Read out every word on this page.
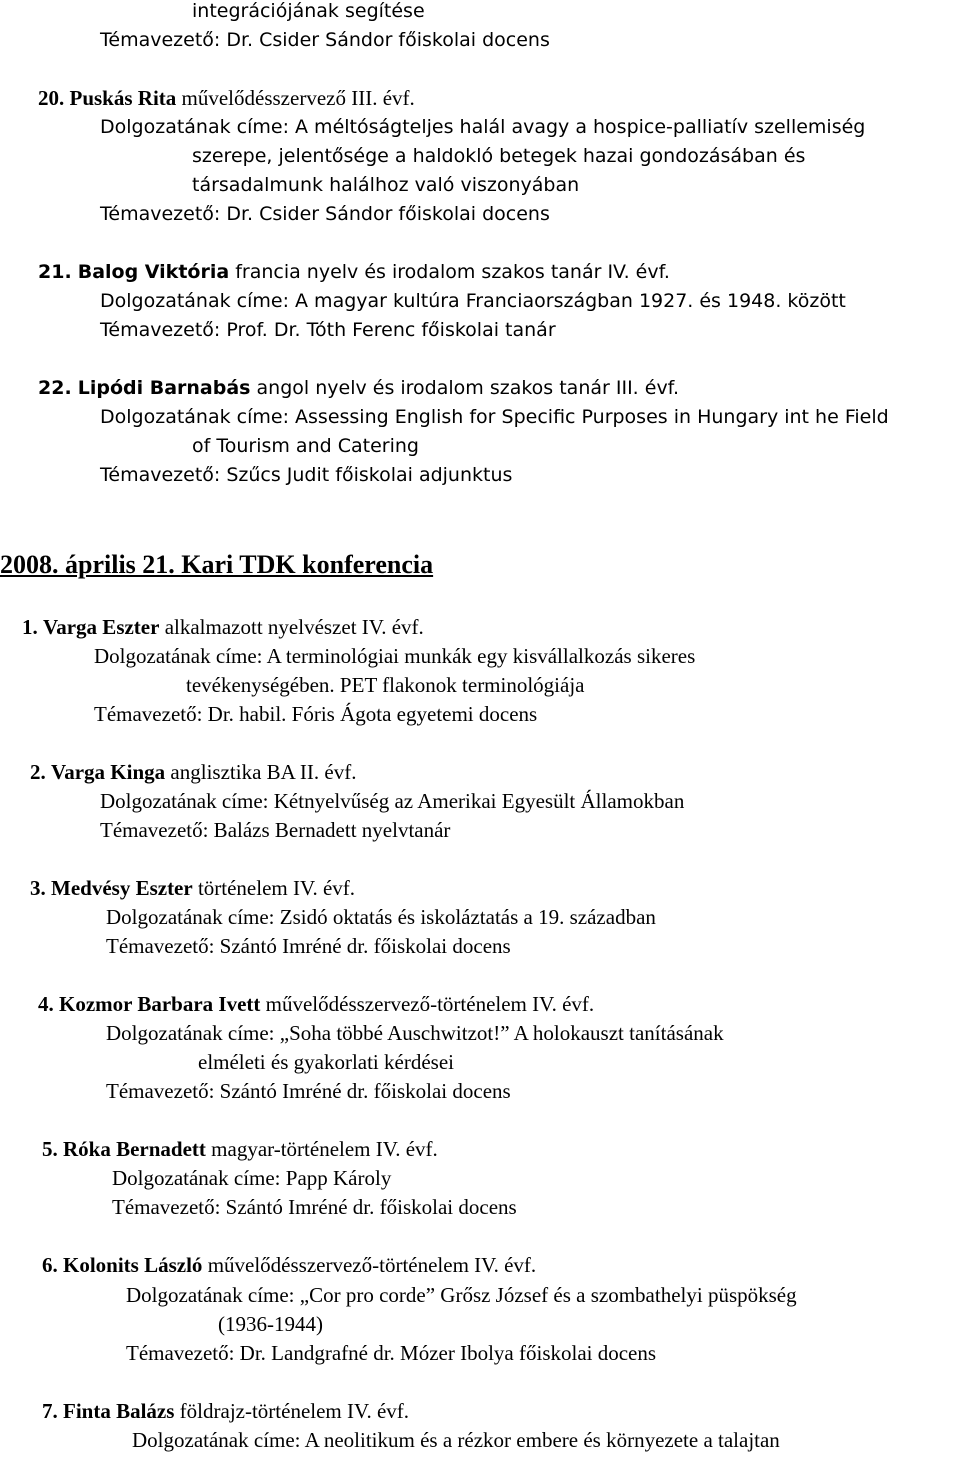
integrációjának segítése
Témavezető: Dr. Csider Sándor főiskolai docens
20. Puskás Rita művelődésszervező III. évf.
Dolgozatának címe: A méltóságteljes halál avagy a hospice-palliatív szellemiség
szerepe, jelentősége a haldokló betegek hazai gondozásában és
társadalmunk halálhoz való viszonyában
Témavezető: Dr. Csider Sándor főiskolai docens
21. Balog Viktória francia nyelv és irodalom szakos tanár IV. évf.
Dolgozatának címe: A magyar kultúra Franciaországban 1927. és 1948. között
Témavezető: Prof. Dr. Tóth Ferenc főiskolai tanár
22. Lipódi Barnabás angol nyelv és irodalom szakos tanár III. évf.
Dolgozatának címe: Assessing English for Specific Purposes in Hungary int he Field
of Tourism and Catering
Témavezető: Szűcs Judit főiskolai adjunktus
2008. április 21. Kari TDK konferencia
1. Varga Eszter alkalmazott nyelvészet IV. évf.
Dolgozatának címe: A terminológiai munkák egy kisvállalkozás sikeres
tevékenységében. PET flakonok terminológiája
Témavezető: Dr. habil. Fóris Ágota egyetemi docens
2. Varga Kinga anglisztika BA II. évf.
Dolgozatának címe: Kétnyelvűség az Amerikai Egyesült Államokban
Témavezető: Balázs Bernadett nyelvtanár
3. Medvésy Eszter történelem IV. évf.
Dolgozatának címe: Zsidó oktatás és iskoláztatás a 19. században
Témavezető: Szántó Imréné dr. főiskolai docens
4. Kozmor Barbara Ivett művelődésszervező-történelem IV. évf.
Dolgozatának címe: „Soha többé Auschwitzot!” A holokauszt tanításának
elméleti és gyakorlati kérdései
Témavezető: Szántó Imréné dr. főiskolai docens
5. Róka Bernadett magyar-történelem IV. évf.
Dolgozatának címe: Papp Károly
Témavezető: Szántó Imréné dr. főiskolai docens
6. Kolonits László művelődésszervező-történelem IV. évf.
Dolgozatának címe: „Cor pro corde” Grősz József és a szombathelyi püspökség
(1936-1944)
Témavezető: Dr. Landgrafné dr. Mózer Ibolya főiskolai docens
7. Finta Balázs földrajz-történelem IV. évf.
Dolgozatának címe: A neolitikum és a rézkor embere és környezete a talajtan
